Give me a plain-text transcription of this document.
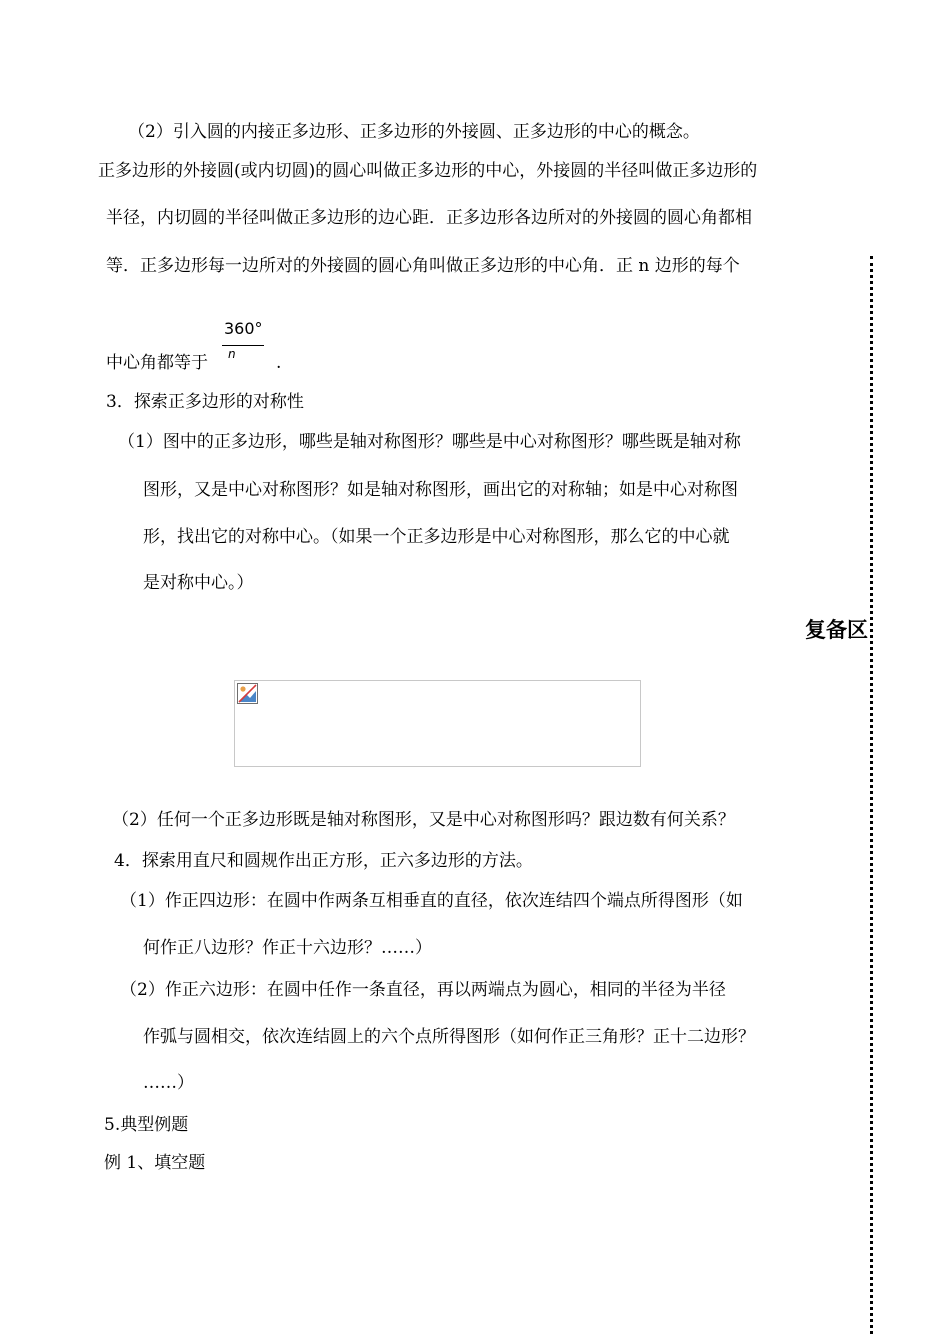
（2）引入圆的内接正多边形、正多边形的外接圆、正多边形的中心的概念。
正多边形的外接圆(或内切圆)的圆心叫做正多边形的中心，外接圆的半径叫做正多边形的
半径，内切圆的半径叫做正多边形的边心距．正多边形各边所对的外接圆的圆心角都相
等．正多边形每一边所对的外接圆的圆心角叫做正多边形的中心角．正 n 边形的每个
中心角都等于
360°
n .
3．探索正多边形的对称性
（1）图中的正多边形，哪些是轴对称图形？哪些是中心对称图形？哪些既是轴对称
图形，又是中心对称图形？如是轴对称图形，画出它的对称轴；如是中心对称图
形，找出它的对称中心。（如果一个正多边形是中心对称图形，那么它的中心就
是对称中心。）
复备区
（2）任何一个正多边形既是轴对称图形，又是中心对称图形吗？跟边数有何关系？
4．探索用直尺和圆规作出正方形，正六多边形的方法。
（1）作正四边形：在圆中作两条互相垂直的直径，依次连结四个端点所得图形（如
何作正八边形？作正十六边形？……）
（2）作正六边形：在圆中任作一条直径，再以两端点为圆心，相同的半径为半径
作弧与圆相交，依次连结圆上的六个点所得图形（如何作正三角形？正十二边形？
……）
5.典型例题
例 1、填空题
